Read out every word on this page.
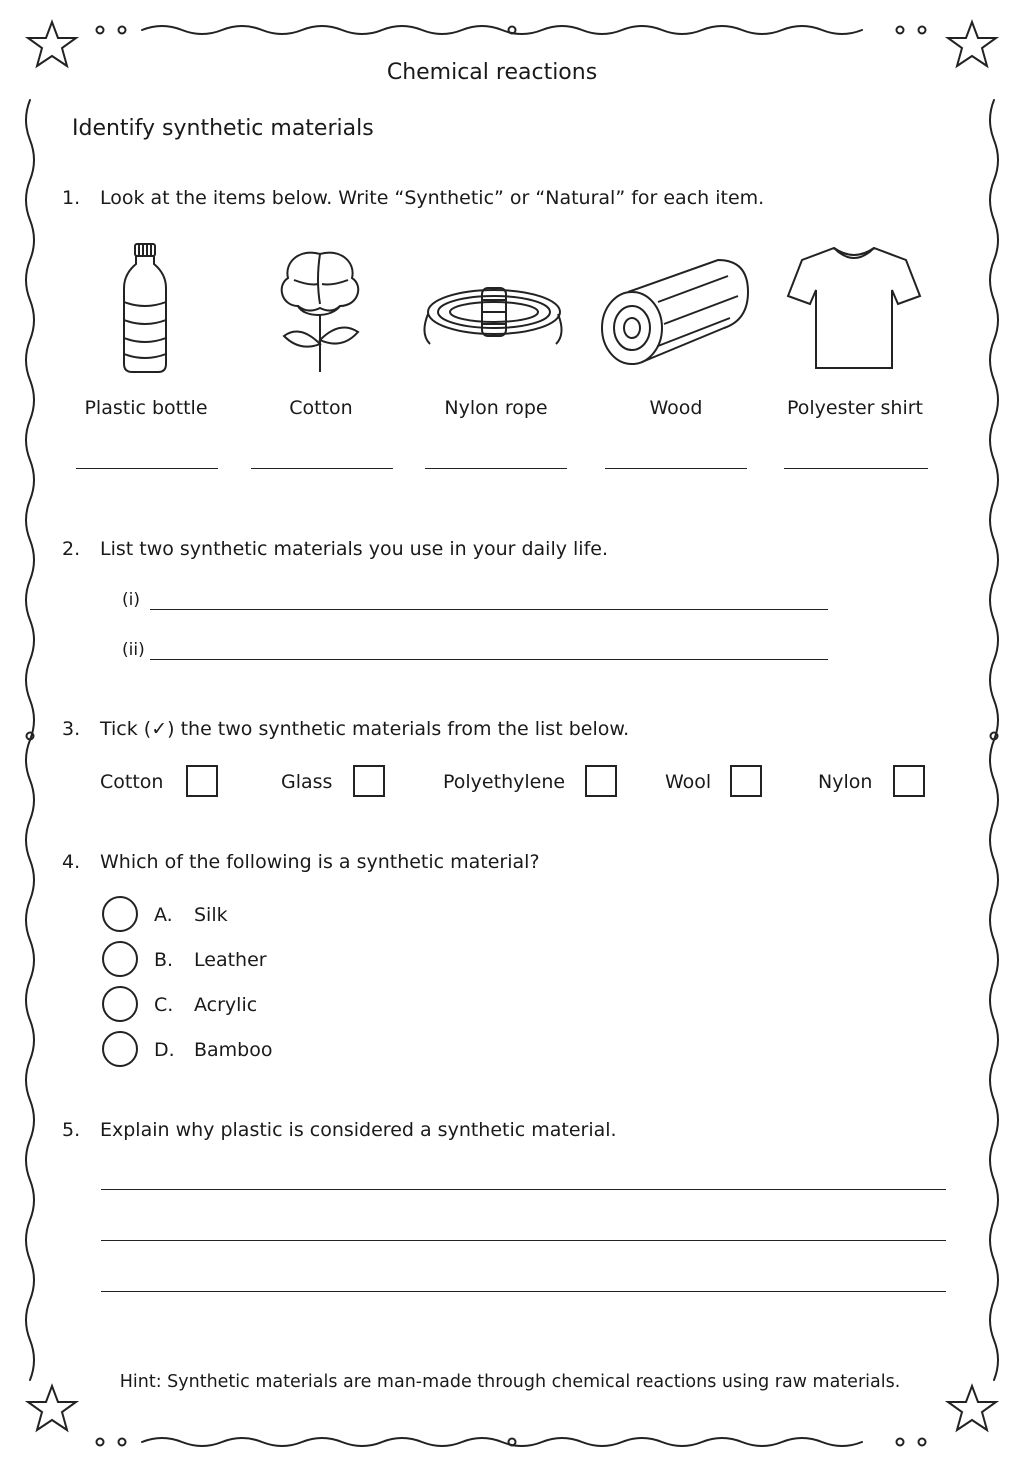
Chemical reactions
Identify synthetic materials
1. Look at the items below. Write “Synthetic” or “Natural” for each item.
Plastic bottle	Cotton	Nylon rope	Wood	Polyester shirt
2. List two synthetic materials you use in your daily life.
(i)
(ii)
3. Tick (✓) the two synthetic materials from the list below.
Cotton	Glass	Polyethylene	Wool	Nylon
4. Which of the following is a synthetic material?
A. Silk
B. Leather
C. Acrylic
D. Bamboo
5. Explain why plastic is considered a synthetic material.
Hint: Synthetic materials are man-made through chemical reactions using raw materials.
